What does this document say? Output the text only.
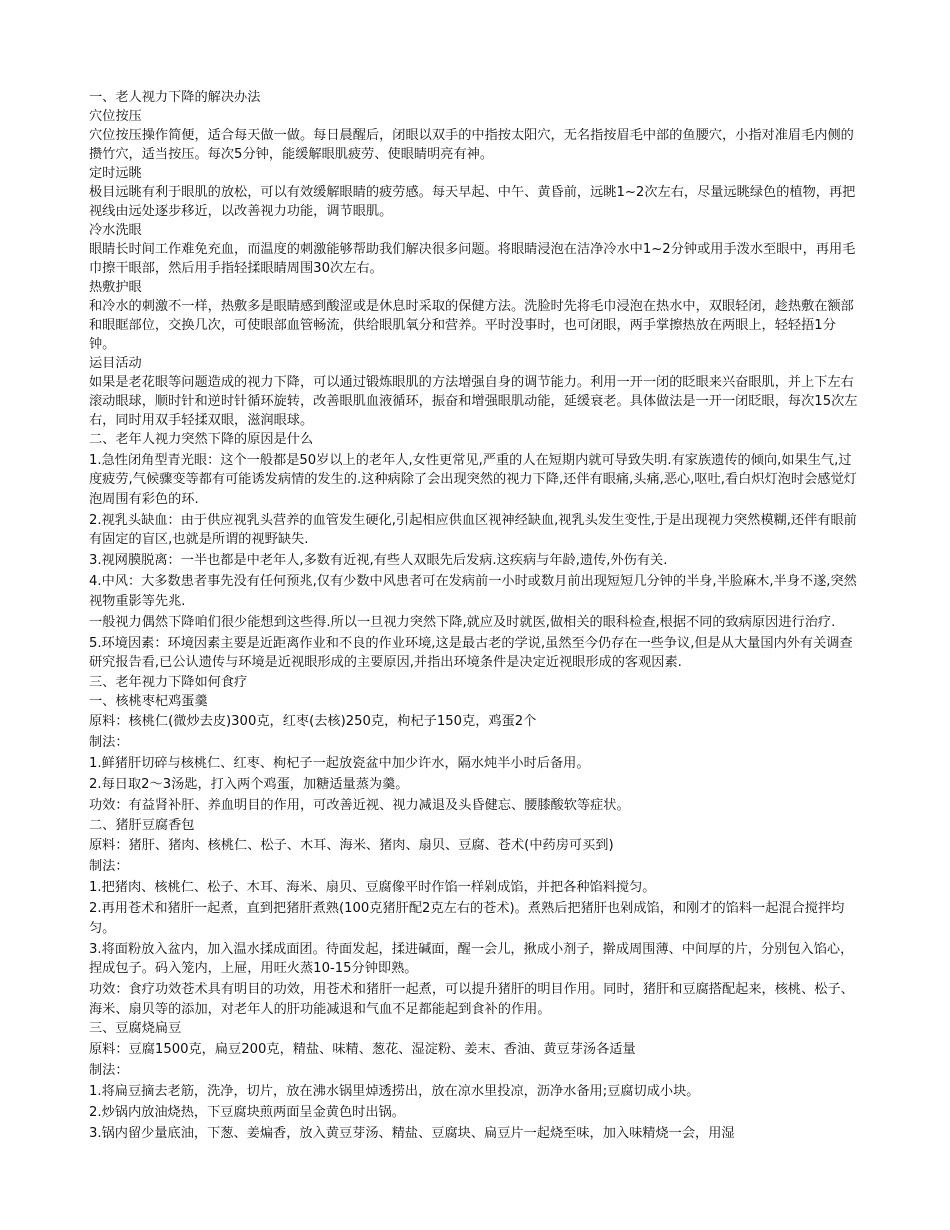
一、老人视力下降的解决办法

穴位按压

穴位按压操作简便，适合每天做一做。每日晨醒后，闭眼以双手的中指按太阳穴，无名指按眉毛中部的鱼腰穴，小指对准眉毛内侧的攒竹穴，适当按压。每次5分钟，能缓解眼肌疲劳、使眼睛明亮有神。

定时远眺

极目远眺有利于眼肌的放松，可以有效缓解眼睛的疲劳感。每天早起、中午、黄昏前，远眺1~2次左右，尽量远眺绿色的植物，再把视线由远处逐步移近，以改善视力功能，调节眼肌。

冷水洗眼

眼睛长时间工作难免充血，而温度的刺激能够帮助我们解决很多问题。将眼睛浸泡在洁净冷水中1~2分钟或用手泼水至眼中，再用毛巾擦干眼部，然后用手指轻揉眼睛周围30次左右。

热敷护眼

和冷水的刺激不一样，热敷多是眼睛感到酸涩或是休息时采取的保健方法。洗脸时先将毛巾浸泡在热水中，双眼轻闭，趁热敷在额部和眼眶部位，交换几次，可使眼部血管畅流，供给眼肌氧分和营养。平时没事时，也可闭眼，两手掌擦热放在两眼上，轻轻捂1分钟。

运目活动

如果是老花眼等问题造成的视力下降，可以通过锻炼眼肌的方法增强自身的调节能力。利用一开一闭的眨眼来兴奋眼肌，并上下左右滚动眼球，顺时针和逆时针循环旋转，改善眼肌血液循环，振奋和增强眼肌动能，延缓衰老。具体做法是一开一闭眨眼，每次15次左右，同时用双手轻揉双眼，滋润眼球。

二、老年人视力突然下降的原因是什么

1.急性闭角型青光眼：这个一般都是50岁以上的老年人,女性更常见,严重的人在短期内就可导致失明.有家族遗传的倾向,如果生气,过度疲劳,气候骤变等都有可能诱发病情的发生的.这种病除了会出现突然的视力下降,还伴有眼痛,头痛,恶心,呕吐,看白炽灯泡时会感觉灯泡周围有彩色的环.

2.视乳头缺血：由于供应视乳头营养的血管发生硬化,引起相应供血区视神经缺血,视乳头发生变性,于是出现视力突然模糊,还伴有眼前有固定的盲区,也就是所谓的视野缺失.

3.视网膜脱离：一半也都是中老年人,多数有近视,有些人双眼先后发病.这疾病与年龄,遗传,外伤有关.

4.中风：大多数患者事先没有任何预兆,仅有少数中风患者可在发病前一小时或数月前出现短短几分钟的半身,半脸麻木,半身不遂,突然视物重影等先兆.

一般视力偶然下降咱们很少能想到这些得.所以一旦视力突然下降,就应及时就医,做相关的眼科检查,根据不同的致病原因进行治疗.

5.环境因素：环境因素主要是近距离作业和不良的作业环境,这是最古老的学说,虽然至今仍存在一些争议,但是从大量国内外有关调查研究报告看,已公认遗传与环境是近视眼形成的主要原因,并指出环境条件是决定近视眼形成的客观因素.

三、老年视力下降如何食疗

一、核桃枣杞鸡蛋羹

原料：核桃仁(微炒去皮)300克，红枣(去核)250克，枸杞子150克，鸡蛋2个

制法：

1.鲜猪肝切碎与核桃仁、红枣、枸杞子一起放瓷盆中加少许水，隔水炖半小时后备用。

2.每日取2～3汤匙，打入两个鸡蛋，加糖适量蒸为羹。

功效：有益肾补肝、养血明目的作用，可改善近视、视力减退及头昏健忘、腰膝酸软等症状。

二、猪肝豆腐香包

原料：猪肝、猪肉、核桃仁、松子、木耳、海米、猪肉、扇贝、豆腐、苍术(中药房可买到)

制法：

1.把猪肉、核桃仁、松子、木耳、海米、扇贝、豆腐像平时作馅一样剁成馅，并把各种馅料搅匀。

2.再用苍术和猪肝一起煮，直到把猪肝煮熟(100克猪肝配2克左右的苍术)。煮熟后把猪肝也剁成馅，和刚才的馅料一起混合搅拌均匀。

3.将面粉放入盆内，加入温水揉成面团。待面发起，揉进碱面，醒一会儿，揪成小剂子，擀成周围薄、中间厚的片，分别包入馅心，捏成包子。码入笼内，上屉，用旺火蒸10-15分钟即熟。

功效：食疗功效苍术具有明目的功效，用苍术和猪肝一起煮，可以提升猪肝的明目作用。同时，猪肝和豆腐搭配起来，核桃、松子、海米、扇贝等的添加，对老年人的肝功能减退和气血不足都能起到食补的作用。

三、豆腐烧扁豆

原料：豆腐1500克，扁豆200克，精盐、味精、葱花、湿淀粉、姜末、香油、黄豆芽汤各适量

制法：

1.将扁豆摘去老筋，洗净，切片，放在沸水锅里焯透捞出，放在凉水里投凉，沥净水备用;豆腐切成小块。

2.炒锅内放油烧热，下豆腐块煎两面呈金黄色时出锅。

3.锅内留少量底油，下葱、姜煸香，放入黄豆芽汤、精盐、豆腐块、扁豆片一起烧至味，加入味精烧一会，用湿
